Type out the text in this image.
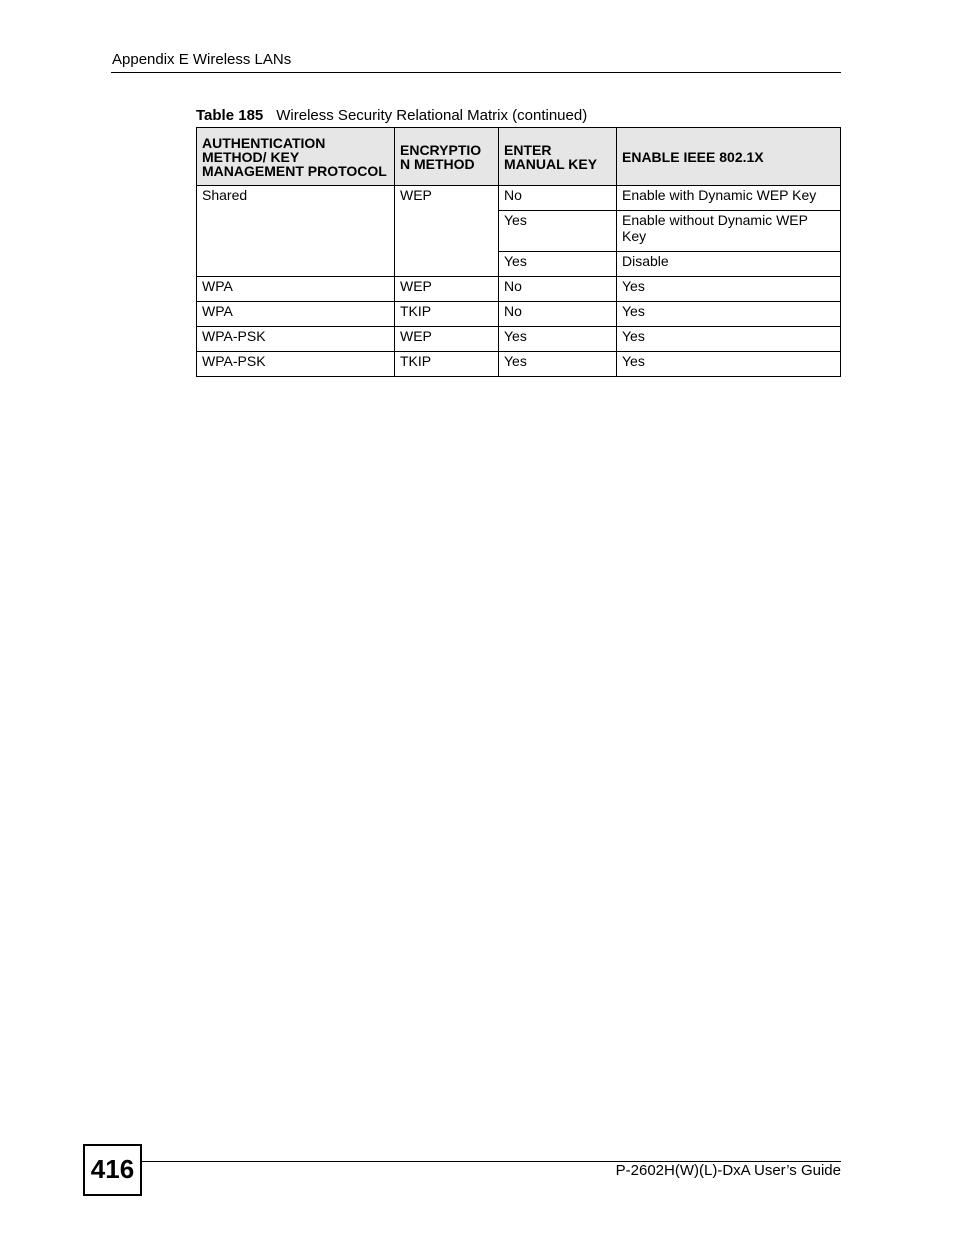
Appendix E Wireless LANs
Table 185 Wireless Security Relational Matrix (continued)
AUTHENTICATION METHOD/ KEY MANAGEMENT PROTOCOL	ENCRYPTIO N METHOD	ENTER MANUAL KEY	ENABLE IEEE 802.1X
Shared	WEP	No	Enable with Dynamic WEP Key
		Yes	Enable without Dynamic WEP Key
		Yes	Disable
WPA	WEP	No	Yes
WPA	TKIP	No	Yes
WPA-PSK	WEP	Yes	Yes
WPA-PSK	TKIP	Yes	Yes
416	P-2602H(W)(L)-DxA User’s Guide
